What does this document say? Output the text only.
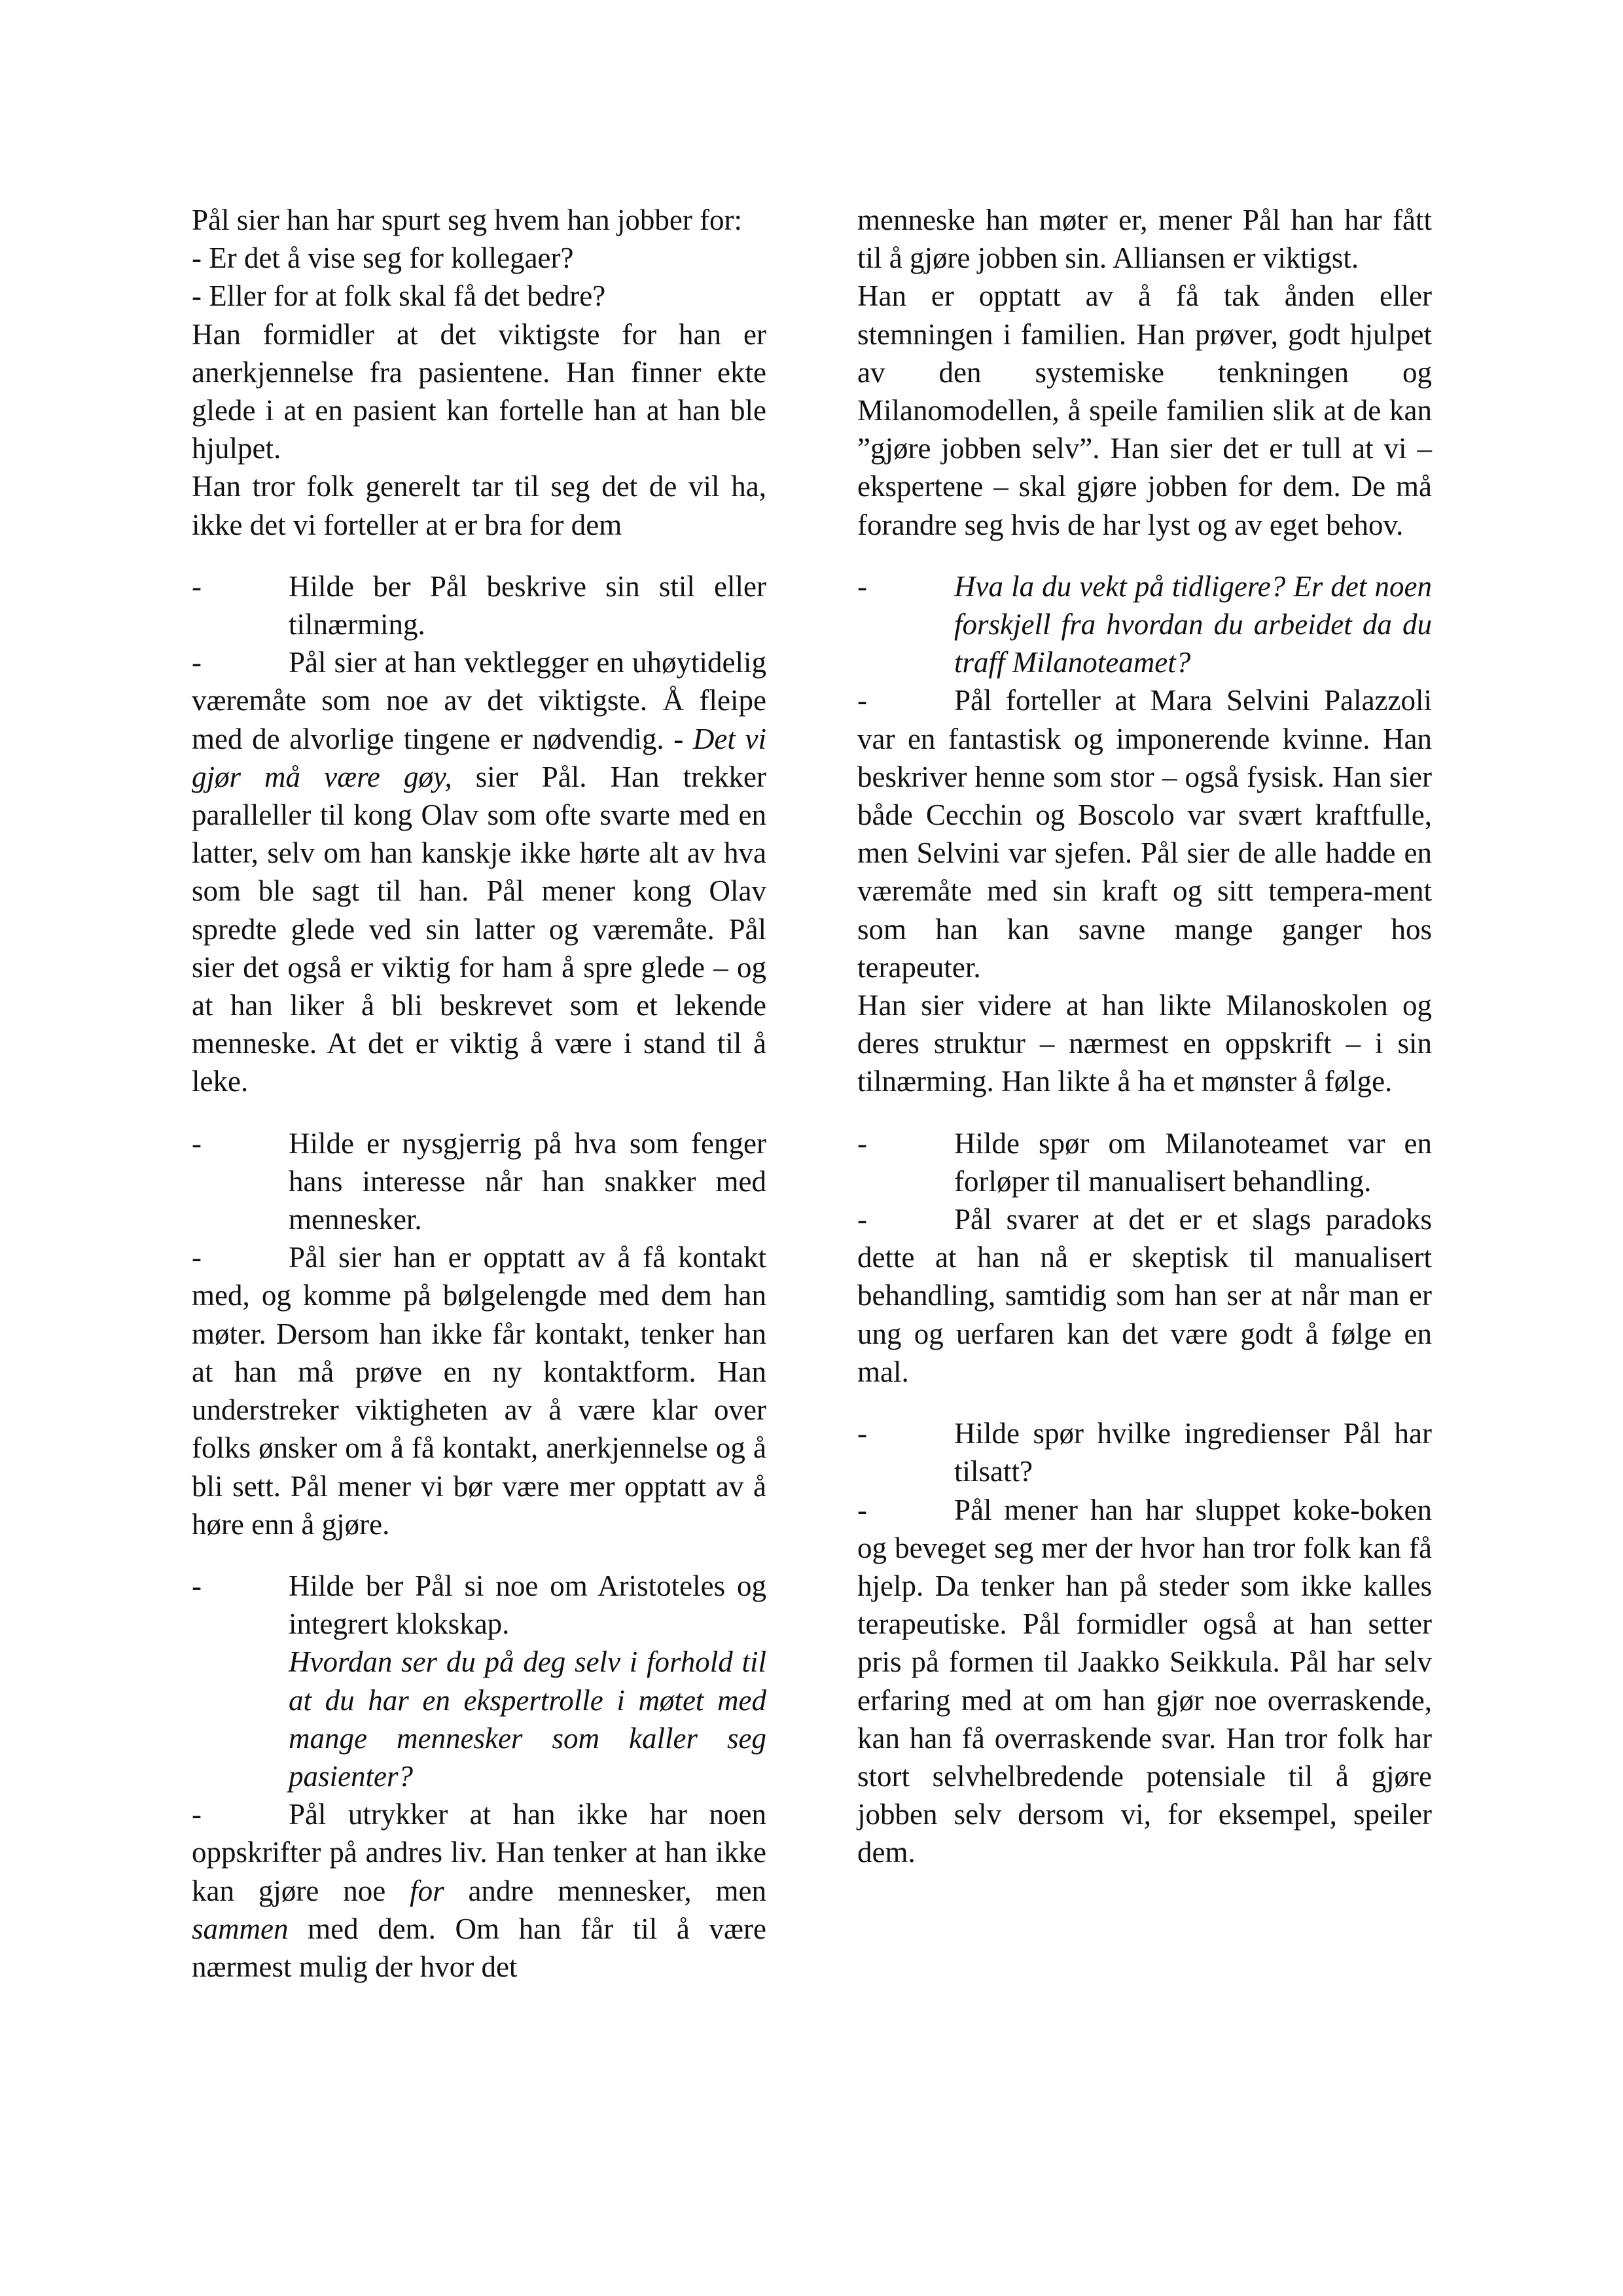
Pål sier han har spurt seg hvem han jobber for:

- Er det å vise seg for kollegaer?

- Eller for at folk skal få det bedre?

Han formidler at det viktigste for han er anerkjennelse fra pasientene. Han finner ekte glede i at en pasient kan fortelle han at han ble hjulpet.

Han tror folk generelt tar til seg det de vil ha, ikke det vi forteller at er bra for dem

-	Hilde ber Pål beskrive sin stil eller tilnærming.

-	Pål sier at han vektlegger en uhøytidelig væremåte som noe av det viktigste. Å fleipe med de alvorlige tingene er nødvendig. - Det vi gjør må være gøy, sier Pål. Han trekker paralleller til kong Olav som ofte svarte med en latter, selv om han kanskje ikke hørte alt av hva som ble sagt til han. Pål mener kong Olav spredte glede ved sin latter og væremåte. Pål sier det også er viktig for ham å spre glede – og at han liker å bli beskrevet som et lekende menneske. At det er viktig å være i stand til å leke.

-	Hilde er nysgjerrig på hva som fenger hans interesse når han snakker med mennesker.

-	Pål sier han er opptatt av å få kontakt med, og komme på bølgelengde med dem han møter. Dersom han ikke får kontakt, tenker han at han må prøve en ny kontaktform. Han understreker viktigheten av å være klar over folks ønsker om å få kontakt, anerkjennelse og å bli sett. Pål mener vi bør være mer opptatt av å høre enn å gjøre.

-	Hilde ber Pål si noe om Aristoteles og integrert klokskap.
Hvordan ser du på deg selv i forhold til at du har en ekspertrolle i møtet med mange mennesker som kaller seg pasienter?

-	Pål utrykker at han ikke har noen oppskrifter på andres liv. Han tenker at han ikke kan gjøre noe for andre mennesker, men sammen med dem. Om han får til å være nærmest mulig der hvor det

menneske han møter er, mener Pål han har fått til å gjøre jobben sin. Alliansen er viktigst.

Han er opptatt av å få tak ånden eller stemningen i familien. Han prøver, godt hjulpet av den systemiske tenkningen og Milanomodellen, å speile familien slik at de kan ”gjøre jobben selv”. Han sier det er tull at vi – ekspertene – skal gjøre jobben for dem. De må forandre seg hvis de har lyst og av eget behov.

-	Hva la du vekt på tidligere? Er det noen forskjell fra hvordan du arbeidet da du traff Milanoteamet?

-	Pål forteller at Mara Selvini Palazzoli var en fantastisk og imponerende kvinne. Han beskriver henne som stor – også fysisk. Han sier både Cecchin og Boscolo var svært kraftfulle, men Selvini var sjefen. Pål sier de alle hadde en væremåte med sin kraft og sitt tempera-ment som han kan savne mange ganger hos terapeuter.

Han sier videre at han likte Milanoskolen og deres struktur – nærmest en oppskrift – i sin tilnærming. Han likte å ha et mønster å følge.

-	Hilde spør om Milanoteamet var en forløper til manualisert behandling.

-	Pål svarer at det er et slags paradoks dette at han nå er skeptisk til manualisert behandling, samtidig som han ser at når man er ung og uerfaren kan det være godt å følge en mal.

-	Hilde spør hvilke ingredienser Pål har tilsatt?

-	Pål mener han har sluppet koke-boken og beveget seg mer der hvor han tror folk kan få hjelp. Da tenker han på steder som ikke kalles terapeutiske. Pål formidler også at han setter pris på formen til Jaakko Seikkula. Pål har selv erfaring med at om han gjør noe overraskende, kan han få overraskende svar. Han tror folk har stort selvhelbredende potensiale til å gjøre jobben selv dersom vi, for eksempel, speiler dem.
